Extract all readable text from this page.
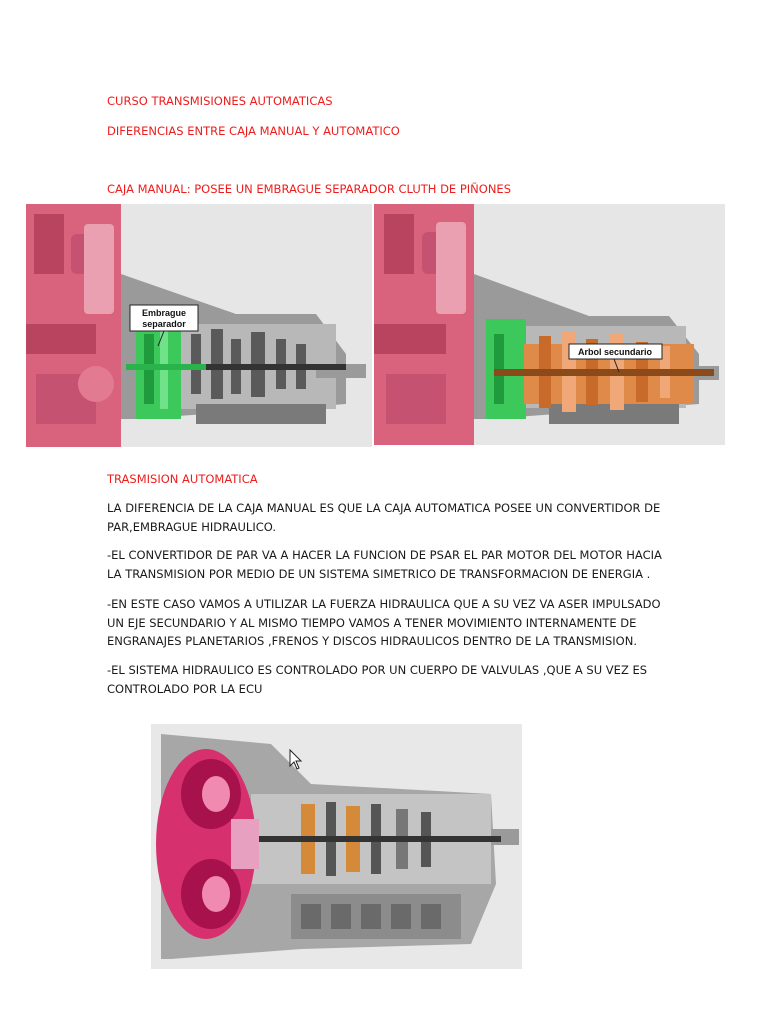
CURSO TRANSMISIONES AUTOMATICAS
DIFERENCIAS ENTRE CAJA MANUAL Y AUTOMATICO
CAJA MANUAL: POSEE UN EMBRAGUE SEPARADOR CLUTH DE PIÑONES
Embrague
separador
Arbol secundario
TRASMISION AUTOMATICA
LA DIFERENCIA DE LA CAJA MANUAL ES QUE LA CAJA AUTOMATICA POSEE UN CONVERTIDOR DE PAR,EMBRAGUE HIDRAULICO.
-EL CONVERTIDOR DE PAR VA A HACER LA FUNCION DE PSAR EL PAR MOTOR DEL MOTOR HACIA LA TRANSMISION POR MEDIO DE UN SISTEMA SIMETRICO DE TRANSFORMACION DE ENERGIA .
-EN ESTE CASO VAMOS A UTILIZAR LA FUERZA HIDRAULICA QUE A SU VEZ VA ASER IMPULSADO UN EJE SECUNDARIO Y AL MISMO TIEMPO VAMOS A TENER MOVIMIENTO INTERNAMENTE DE ENGRANAJES PLANETARIOS ,FRENOS Y DISCOS HIDRAULICOS DENTRO DE LA TRANSMISION.
-EL SISTEMA HIDRAULICO ES CONTROLADO POR UN CUERPO DE VALVULAS ,QUE A SU VEZ ES CONTROLADO POR LA ECU
